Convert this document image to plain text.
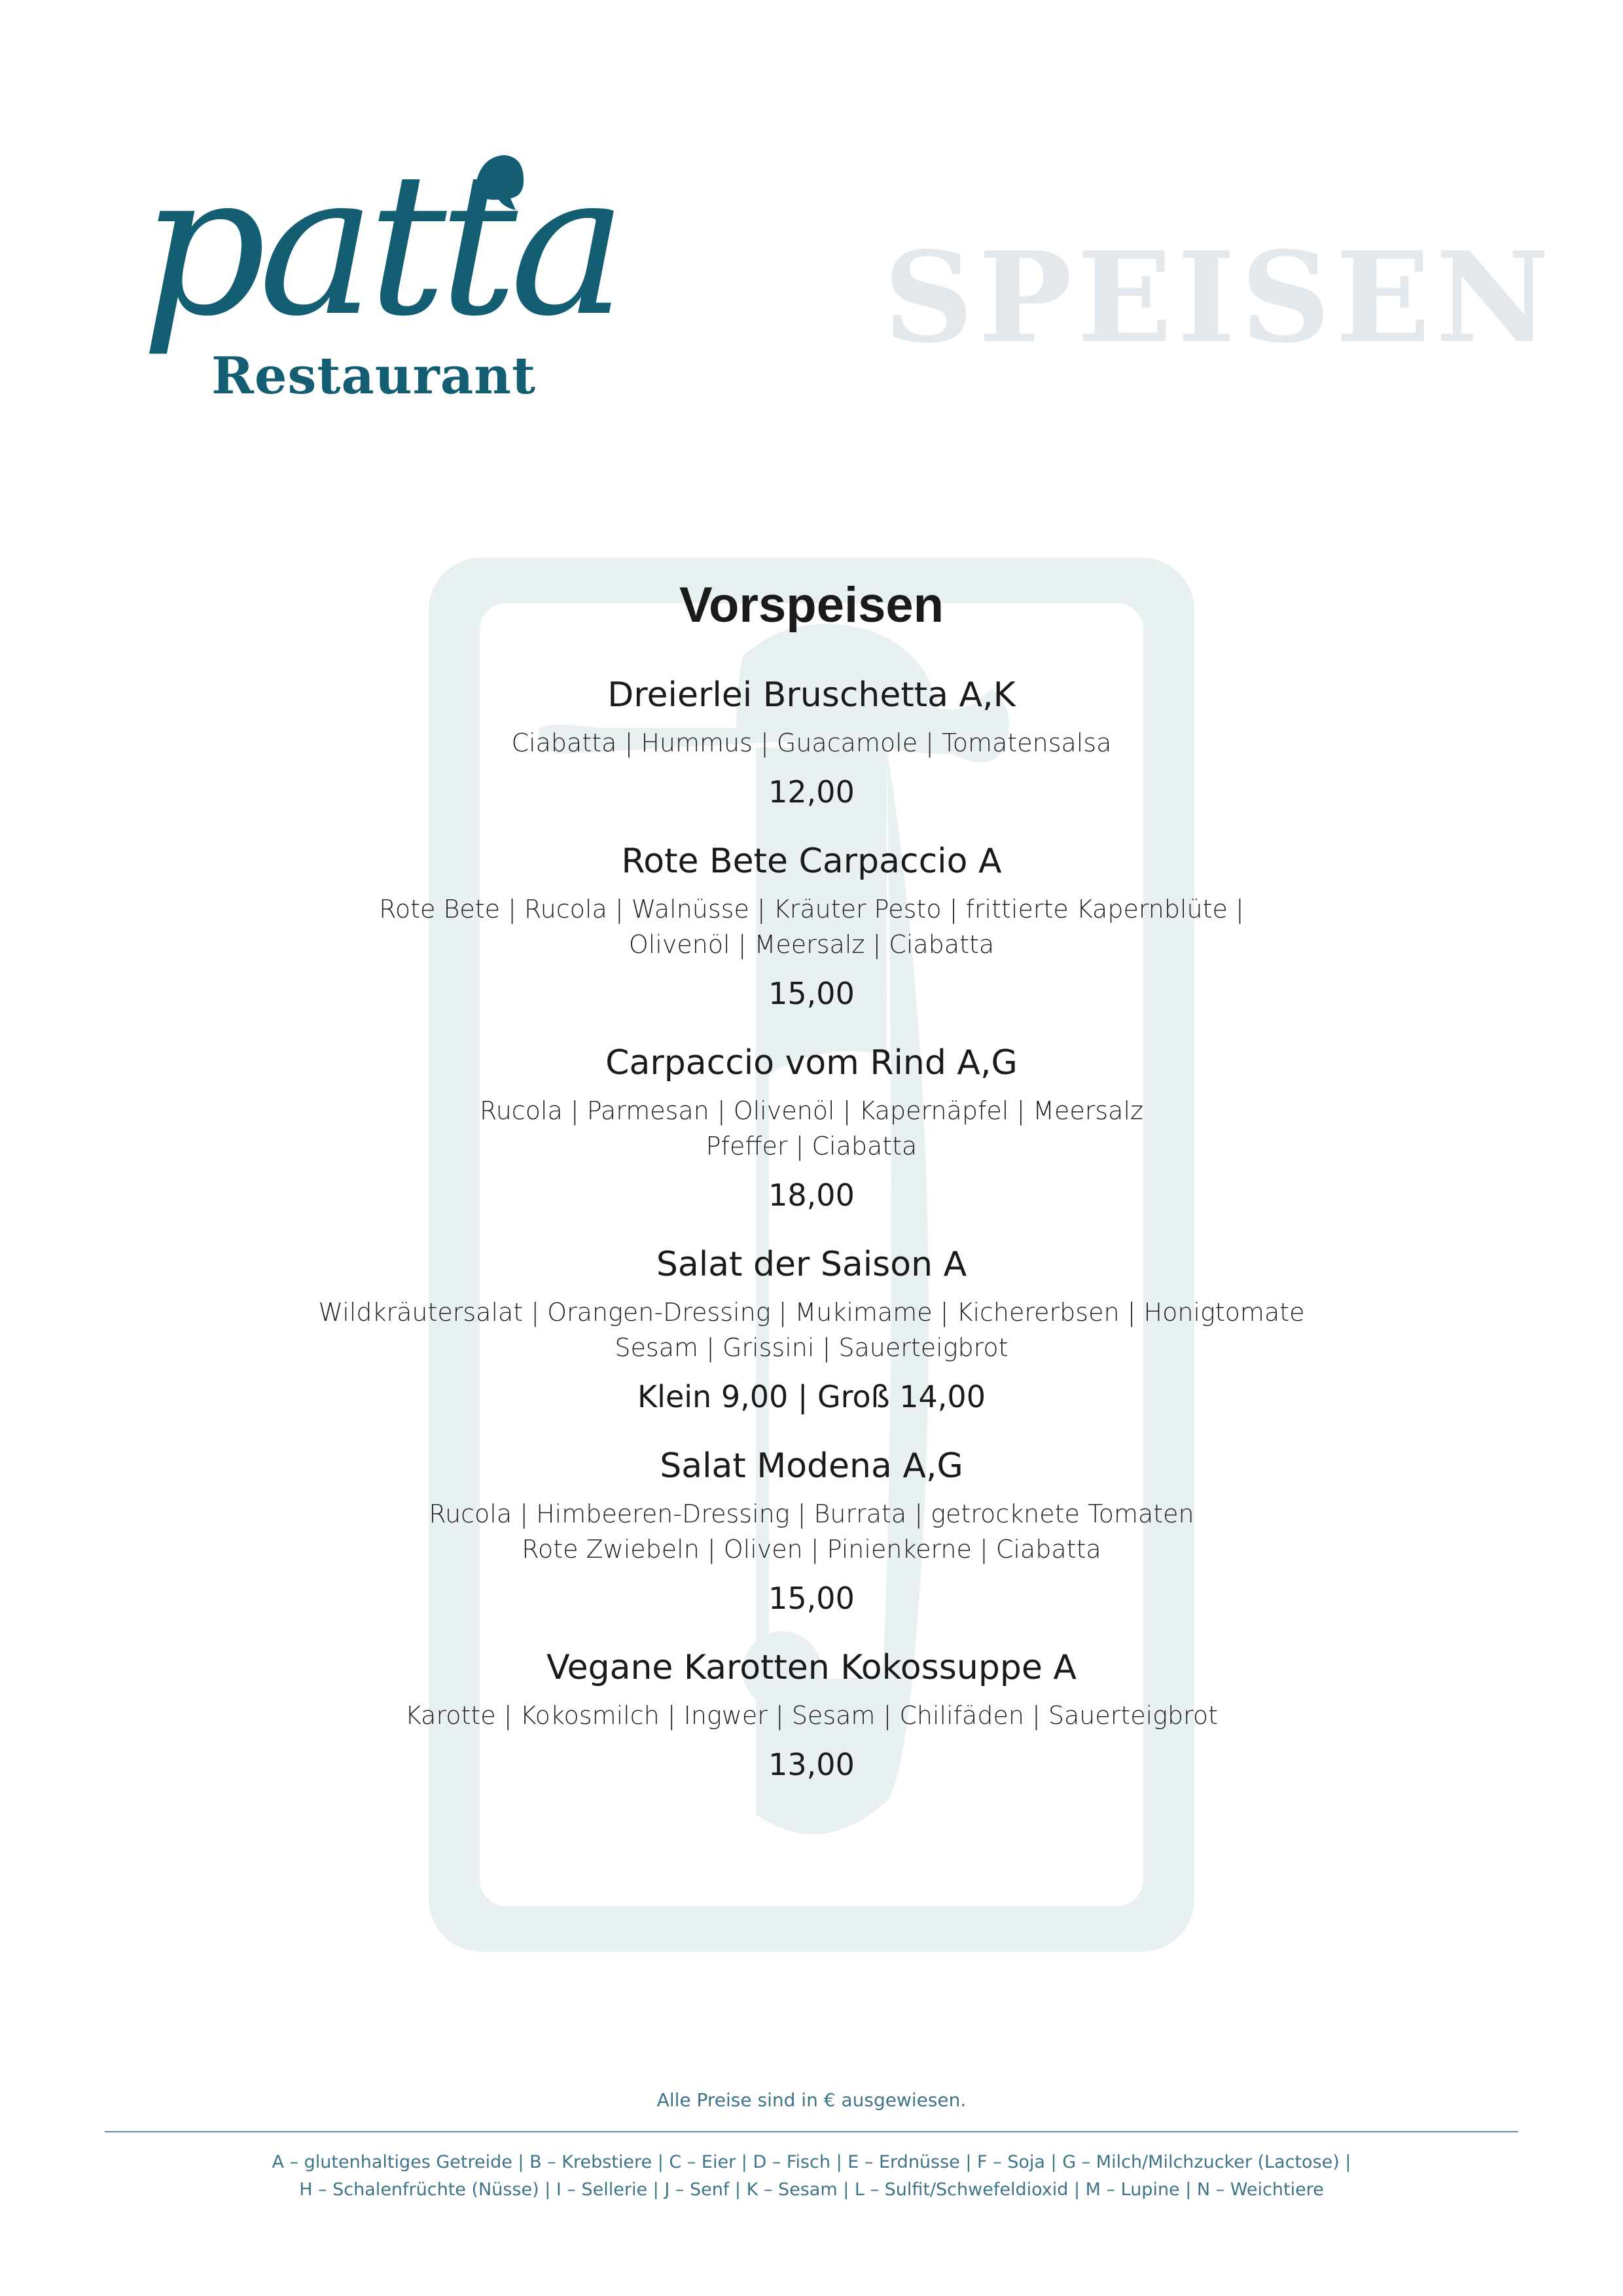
patta
Restaurant
SPEISEN
Vorspeisen
Dreierlei Bruschetta A,K
Ciabatta | Hummus | Guacamole | Tomatensalsa
12,00
Rote Bete Carpaccio A
Rote Bete | Rucola | Walnüsse | Kräuter Pesto | frittierte Kapernblüte |
Olivenöl | Meersalz | Ciabatta
15,00
Carpaccio vom Rind A,G
Rucola | Parmesan | Olivenöl | Kapernäpfel | Meersalz
Pfeffer | Ciabatta
18,00
Salat der Saison A
Wildkräutersalat | Orangen-Dressing | Mukimame | Kichererbsen | Honigtomate
Sesam | Grissini | Sauerteigbrot
Klein 9,00 | Groß 14,00
Salat Modena A,G
Rucola | Himbeeren-Dressing | Burrata | getrocknete Tomaten
Rote Zwiebeln | Oliven | Pinienkerne | Ciabatta
15,00
Vegane Karotten Kokossuppe A
Karotte | Kokosmilch | Ingwer | Sesam | Chilifäden | Sauerteigbrot
13,00
Alle Preise sind in € ausgewiesen.
A – glutenhaltiges Getreide | B – Krebstiere | C – Eier | D – Fisch | E – Erdnüsse | F – Soja | G – Milch/Milchzucker (Lactose) |
H – Schalenfrüchte (Nüsse) | I – Sellerie | J – Senf | K – Sesam | L – Sulfit/Schwefeldioxid | M – Lupine | N – Weichtiere
